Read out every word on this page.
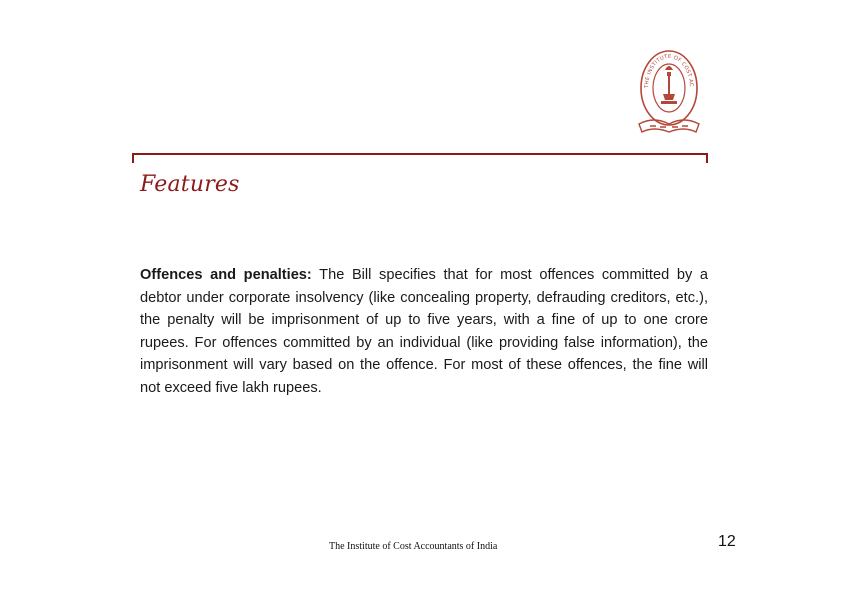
THE INSTITUTE OF COST AC
Features

Offences and penalties: The Bill specifies that for most offences committed by a debtor under corporate insolvency (like concealing property, defrauding creditors, etc.), the penalty will be imprisonment of up to five years, with a fine of up to one crore rupees. For offences committed by an individual (like providing false information), the imprisonment will vary based on the offence. For most of these offences, the fine will not exceed five lakh rupees.

The Institute of Cost Accountants of India	12
